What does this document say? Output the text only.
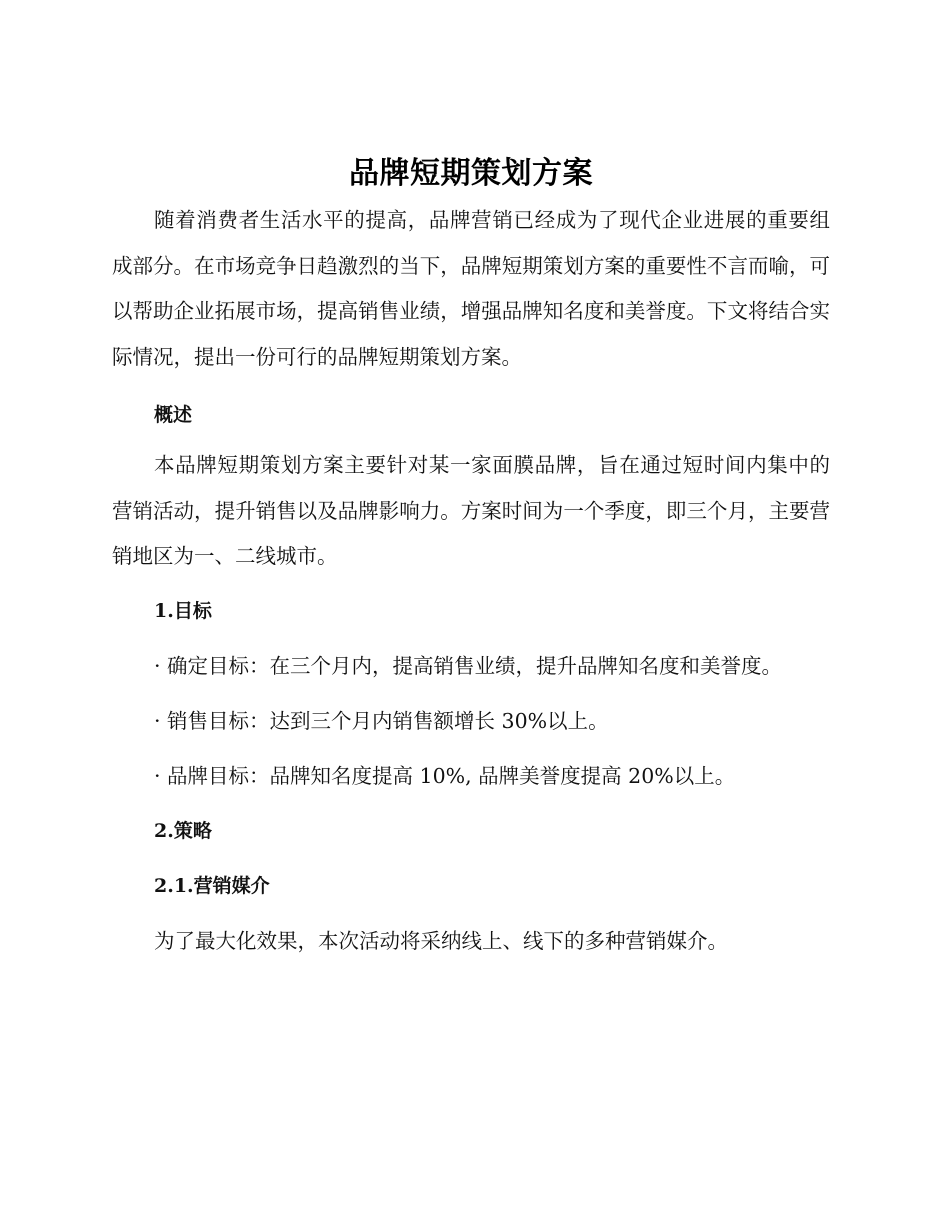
品牌短期策划方案

随着消费者生活水平的提高，品牌营销已经成为了现代企业进展的重要组成部分。在市场竞争日趋激烈的当下，品牌短期策划方案的重要性不言而喻，可以帮助企业拓展市场，提高销售业绩，增强品牌知名度和美誉度。下文将结合实际情况，提出一份可行的品牌短期策划方案。

概述

本品牌短期策划方案主要针对某一家面膜品牌，旨在通过短时间内集中的营销活动，提升销售以及品牌影响力。方案时间为一个季度，即三个月，主要营销地区为一、二线城市。

1.目标

· 确定目标：在三个月内，提高销售业绩，提升品牌知名度和美誉度。

· 销售目标：达到三个月内销售额增长 30%以上。

· 品牌目标：品牌知名度提高 10%, 品牌美誉度提高 20%以上。

2.策略
2.1.营销媒介

为了最大化效果，本次活动将采纳线上、线下的多种营销媒介。
